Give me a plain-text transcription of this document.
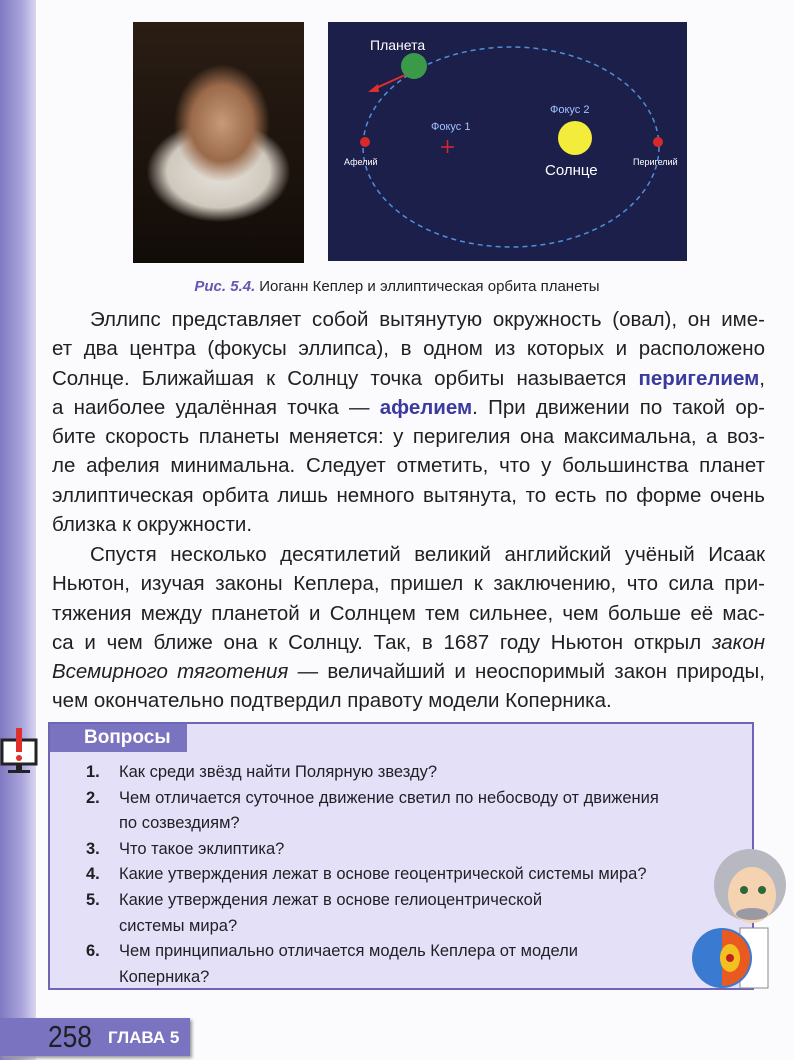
Планета
Фокус 1
Фокус 2
Солнце
Афелий	Перигелий
Рис. 5.4. Иоганн Кеплер и эллиптическая орбита планеты
Эллипс представляет собой вытянутую окружность (овал), он име-
ет два центра (фокусы эллипса), в одном из которых и расположено
Солнце. Ближайшая к Солнцу точка орбиты называется перигелием,
а наиболее удалённая точка — афелием. При движении по такой ор-
бите скорость планеты меняется: у перигелия она максимальна, а воз-
ле афелия минимальна. Следует отметить, что у большинства планет
эллиптическая орбита лишь немного вытянута, то есть по форме очень
близка к окружности.
Спустя несколько десятилетий великий английский учёный Исаак
Ньютон, изучая законы Кеплера, пришел к заключению, что сила при-
тяжения между планетой и Солнцем тем сильнее, чем больше её мас-
са и чем ближе она к Солнцу. Так, в 1687 году Ньютон открыл закон
Всемирного тяготения — величайший и неоспоримый закон природы,
чем окончательно подтвердил правоту модели Коперника.
Вопросы
1.	Как среди звёзд найти Полярную звезду?
2.	Чем отличается суточное движение светил по небосводу от движения
по созвездиям?
3.	Что такое эклиптика?
4.	Какие утверждения лежат в основе геоцентрической системы мира?
5.	Какие утверждения лежат в основе гелиоцентрической
системы мира?
6.	Чем принципиально отличается модель Кеплера от модели
Коперника?
258 ГЛАВА 5
